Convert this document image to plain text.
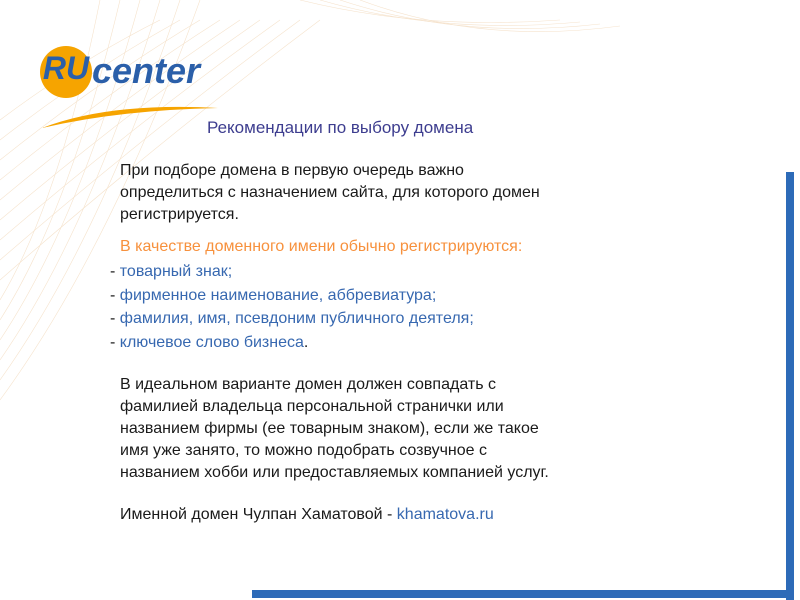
RU center
Рекомендации по выбору домена
При подборе домена в первую очередь важно
определиться с назначением сайта, для которого домен
регистрируется.
В качестве доменного имени обычно регистрируются:
- товарный знак;
- фирменное наименование, аббревиатура;
- фамилия, имя, псевдоним публичного деятеля;
- ключевое слово бизнеса.
В идеальном варианте домен должен совпадать с
фамилией владельца персональной странички или
названием фирмы (ее товарным знаком), если же такое
имя уже занято, то можно подобрать созвучное с
названием хобби или предоставляемых компанией услуг.
Именной домен Чулпан Хаматовой - khamatova.ru
